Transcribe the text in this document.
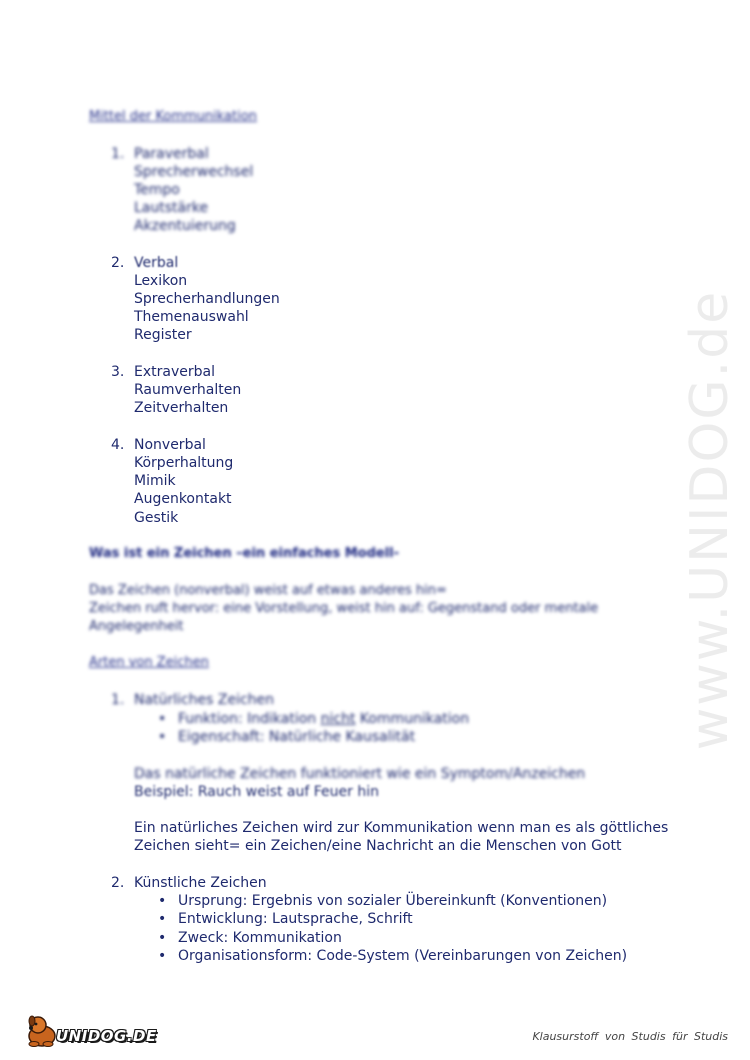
www.UNIDOG.de
Mittel der Kommunikation
1. Paraverbal
Sprecherwechsel
Tempo
Lautstärke
Akzentuierung
2. Verbal
Lexikon
Sprecherhandlungen
Themenauswahl
Register
3. Extraverbal
Raumverhalten
Zeitverhalten
4. Nonverbal
Körperhaltung
Mimik
Augenkontakt
Gestik
Was ist ein Zeichen –ein einfaches Modell-
Das Zeichen (nonverbal) weist auf etwas anderes hin=
Zeichen ruft hervor: eine Vorstellung, weist hin auf: Gegenstand oder mentale
Angelegenheit
Arten von Zeichen
1. Natürliches Zeichen
• Funktion: Indikation nicht Kommunikation
• Eigenschaft: Natürliche Kausalität
Das natürliche Zeichen funktioniert wie ein Symptom/Anzeichen
Beispiel: Rauch weist auf Feuer hin
Ein natürliches Zeichen wird zur Kommunikation wenn man es als göttliches
Zeichen sieht= ein Zeichen/eine Nachricht an die Menschen von Gott
2. Künstliche Zeichen
• Ursprung: Ergebnis von sozialer Übereinkunft (Konventionen)
• Entwicklung: Lautsprache, Schrift
• Zweck: Kommunikation
• Organisationsform: Code-System (Vereinbarungen von Zeichen)
UNIDOG.DE	Klausurstoff von Studis für Studis
